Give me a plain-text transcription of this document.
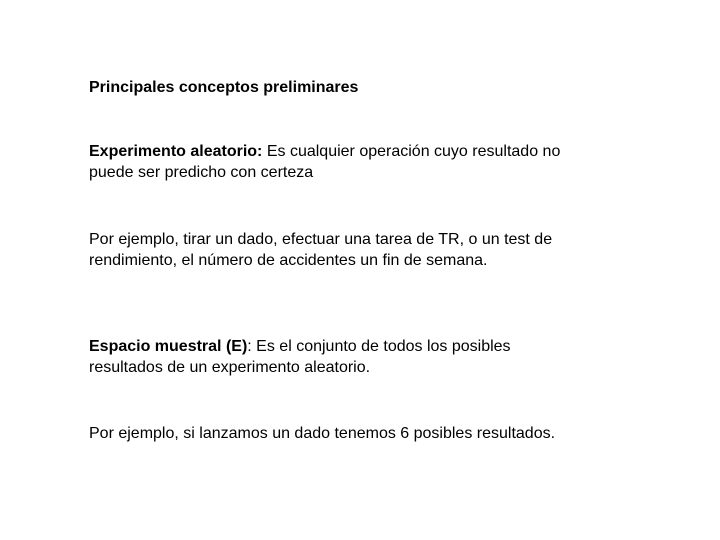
Principales conceptos preliminares
Experimento aleatorio: Es cualquier operación cuyo resultado no puede ser predicho con certeza
Por ejemplo, tirar un dado, efectuar una tarea de TR, o un test de rendimiento, el número de accidentes un fin de semana.
Espacio muestral (E): Es el conjunto de todos los posibles resultados de un experimento aleatorio.
Por ejemplo, si lanzamos un dado tenemos 6 posibles resultados.
